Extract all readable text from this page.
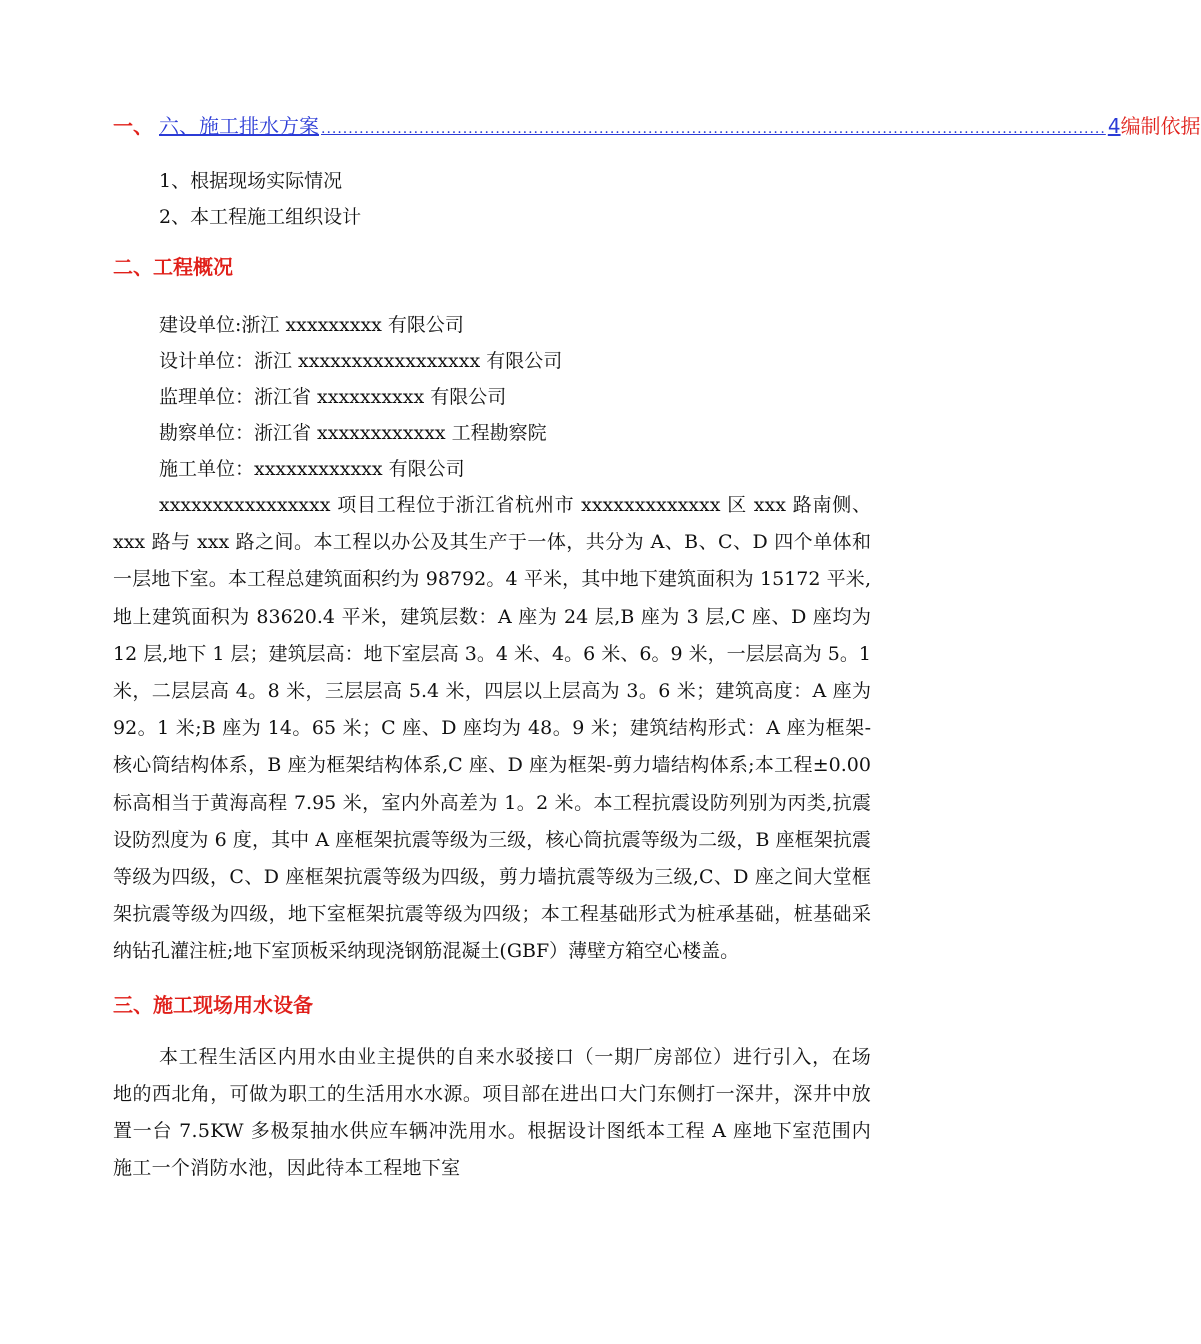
一、 六、施工排水方案 ................................................................................................................................................ 4 编制依据

1、根据现场实际情况

2、本工程施工组织设计

二、工程概况

建设单位:浙江 xxxxxxxxx 有限公司

设计单位：浙江 xxxxxxxxxxxxxxxxx 有限公司

监理单位：浙江省 xxxxxxxxxx 有限公司

勘察单位：浙江省 xxxxxxxxxxxx 工程勘察院

施工单位：xxxxxxxxxxxx 有限公司

xxxxxxxxxxxxxxxx 项目工程位于浙江省杭州市 xxxxxxxxxxxxx 区 xxx 路南侧、xxx 路与 xxx 路之间。本工程以办公及其生产于一体，共分为 A、B、C、D 四个单体和一层地下室。本工程总建筑面积约为 98792。4 平米，其中地下建筑面积为 15172 平米,地上建筑面积为 83620.4 平米，建筑层数：A 座为 24 层,B 座为 3 层,C 座、D 座均为 12 层,地下 1 层；建筑层高：地下室层高 3。4 米、4。6 米、6。9 米，一层层高为 5。1 米，二层层高 4。8 米，三层层高 5.4 米，四层以上层高为 3。6 米；建筑高度：A 座为 92。1 米;B 座为 14。65 米；C 座、D 座均为 48。9 米；建筑结构形式：A 座为框架-核心筒结构体系，B 座为框架结构体系,C 座、D 座为框架-剪力墙结构体系;本工程±0.00 标高相当于黄海高程 7.95 米，室内外高差为 1。2 米。本工程抗震设防列别为丙类,抗震设防烈度为 6 度，其中 A 座框架抗震等级为三级，核心筒抗震等级为二级，B 座框架抗震等级为四级，C、D 座框架抗震等级为四级，剪力墙抗震等级为三级,C、D 座之间大堂框架抗震等级为四级，地下室框架抗震等级为四级；本工程基础形式为桩承基础，桩基础采纳钻孔灌注桩;地下室顶板采纳现浇钢筋混凝土(GBF）薄壁方箱空心楼盖。

三、施工现场用水设备

本工程生活区内用水由业主提供的自来水驳接口（一期厂房部位）进行引入，在场地的西北角，可做为职工的生活用水水源。项目部在进出口大门东侧打一深井，深井中放置一台 7.5KW 多极泵抽水供应车辆冲洗用水。根据设计图纸本工程 A 座地下室范围内施工一个消防水池，因此待本工程地下室
